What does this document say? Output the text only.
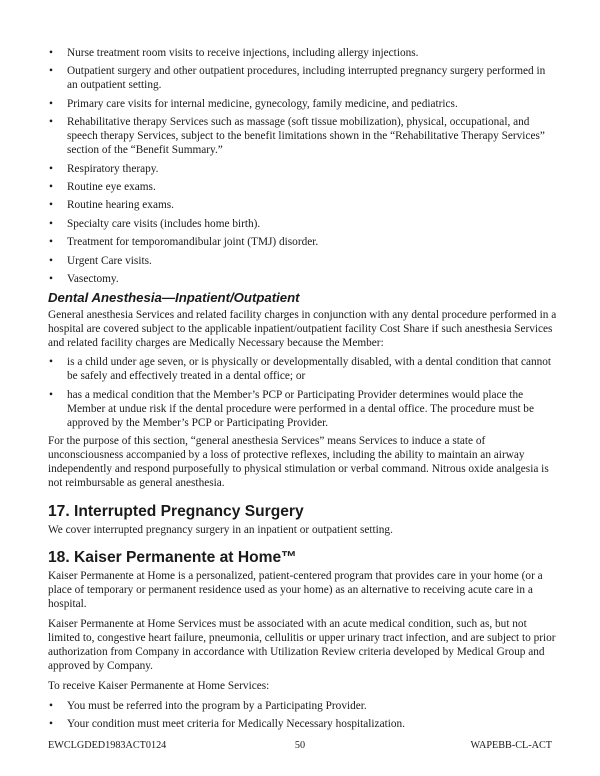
• Nurse treatment room visits to receive injections, including allergy injections.
• Outpatient surgery and other outpatient procedures, including interrupted pregnancy surgery performed in an outpatient setting.
• Primary care visits for internal medicine, gynecology, family medicine, and pediatrics.
• Rehabilitative therapy Services such as massage (soft tissue mobilization), physical, occupational, and speech therapy Services, subject to the benefit limitations shown in the “Rehabilitative Therapy Services” section of the “Benefit Summary.”
• Respiratory therapy.
• Routine eye exams.
• Routine hearing exams.
• Specialty care visits (includes home birth).
• Treatment for temporomandibular joint (TMJ) disorder.
• Urgent Care visits.
• Vasectomy.
Dental Anesthesia—Inpatient/Outpatient

General anesthesia Services and related facility charges in conjunction with any dental procedure performed in a hospital are covered subject to the applicable inpatient/outpatient facility Cost Share if such anesthesia Services and related facility charges are Medically Necessary because the Member:

• is a child under age seven, or is physically or developmentally disabled, with a dental condition that cannot be safely and effectively treated in a dental office; or
• has a medical condition that the Member’s PCP or Participating Provider determines would place the Member at undue risk if the dental procedure were performed in a dental office. The procedure must be approved by the Member’s PCP or Participating Provider.

For the purpose of this section, “general anesthesia Services” means Services to induce a state of unconsciousness accompanied by a loss of protective reflexes, including the ability to maintain an airway independently and respond purposefully to physical stimulation or verbal command. Nitrous oxide analgesia is not reimbursable as general anesthesia.

17. Interrupted Pregnancy Surgery

We cover interrupted pregnancy surgery in an inpatient or outpatient setting.

18. Kaiser Permanente at Home™

Kaiser Permanente at Home is a personalized, patient-centered program that provides care in your home (or a place of temporary or permanent residence used as your home) as an alternative to receiving acute care in a hospital.

Kaiser Permanente at Home Services must be associated with an acute medical condition, such as, but not limited to, congestive heart failure, pneumonia, cellulitis or upper urinary tract infection, and are subject to prior authorization from Company in accordance with Utilization Review criteria developed by Medical Group and approved by Company.

To receive Kaiser Permanente at Home Services:

• You must be referred into the program by a Participating Provider.
• Your condition must meet criteria for Medically Necessary hospitalization.
EWCLGDED1983ACT0124	50	WAPEBB-CL-ACT
